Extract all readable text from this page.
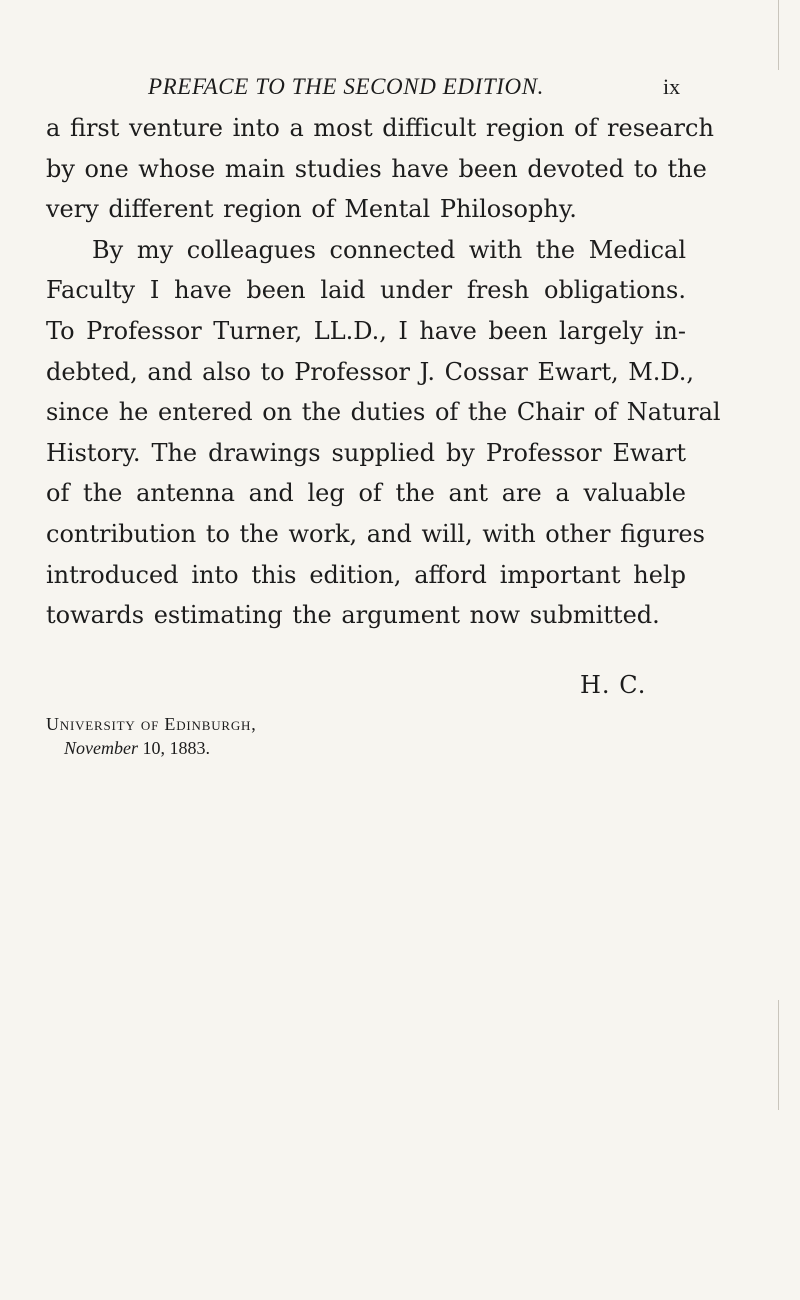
PREFACE TO THE SECOND EDITION.	ix
a first venture into a most difficult region of research
by one whose main studies have been devoted to the
very different region of Mental Philosophy.
By my colleagues connected with the Medical
Faculty I have been laid under fresh obligations.
To Professor Turner, LL.D., I have been largely in-
debted, and also to Professor J. Cossar Ewart, M.D.,
since he entered on the duties of the Chair of Natural
History. The drawings supplied by Professor Ewart
of the antenna and leg of the ant are a valuable
contribution to the work, and will, with other figures
introduced into this edition, afford important help
towards estimating the argument now submitted.
H. C.
University of Edinburgh,
November 10, 1883.
